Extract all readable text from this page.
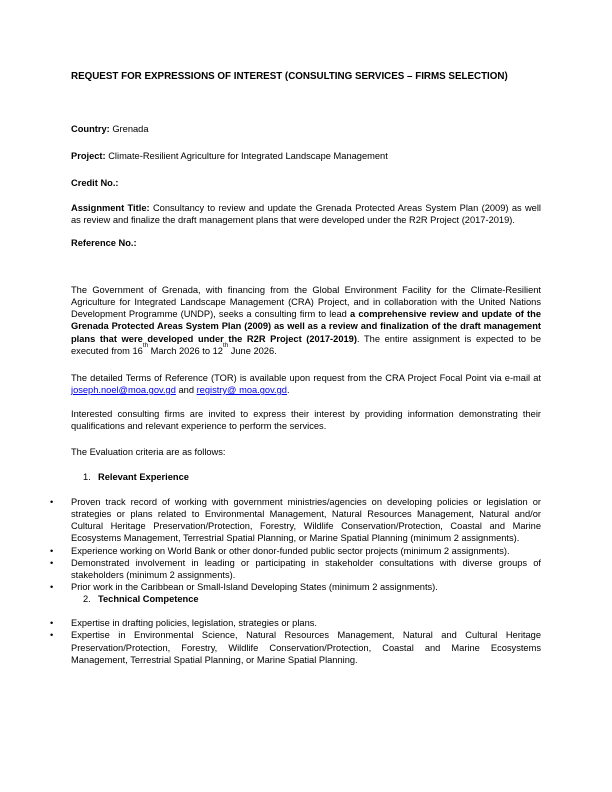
REQUEST FOR EXPRESSIONS OF INTEREST (CONSULTING SERVICES – FIRMS SELECTION)

Country: Grenada

Project: Climate-Resilient Agriculture for Integrated Landscape Management

Credit No.:

Assignment Title: Consultancy to review and update the Grenada Protected Areas System Plan (2009) as well as review and finalize the draft management plans that were developed under the R2R Project (2017-2019).

Reference No.:

The Government of Grenada, with financing from the Global Environment Facility for the Climate-Resilient Agriculture for Integrated Landscape Management (CRA) Project, and in collaboration with the United Nations Development Programme (UNDP), seeks a consulting firm to lead a comprehensive review and update of the Grenada Protected Areas System Plan (2009) as well as a review and finalization of the draft management plans that were developed under the R2R Project (2017-2019). The entire assignment is expected to be executed from 16th March 2026 to 12th June 2026.

The detailed Terms of Reference (TOR) is available upon request from the CRA Project Focal Point via e-mail at joseph.noel@moa.gov.gd and registry@ moa.gov.gd.

Interested consulting firms are invited to express their interest by providing information demonstrating their qualifications and relevant experience to perform the services.

The Evaluation criteria are as follows:

1. Relevant Experience

• Proven track record of working with government ministries/agencies on developing policies or legislation or strategies or plans related to Environmental Management, Natural Resources Management, Natural and/or Cultural Heritage Preservation/Protection, Forestry, Wildlife Conservation/Protection, Coastal and Marine Ecosystems Management, Terrestrial Spatial Planning, or Marine Spatial Planning (minimum 2 assignments).
• Experience working on World Bank or other donor-funded public sector projects (minimum 2 assignments).
• Demonstrated involvement in leading or participating in stakeholder consultations with diverse groups of stakeholders (minimum 2 assignments).
• Prior work in the Caribbean or Small-Island Developing States (minimum 2 assignments).

2. Technical Competence

• Expertise in drafting policies, legislation, strategies or plans.
• Expertise in Environmental Science, Natural Resources Management, Natural and Cultural Heritage Preservation/Protection, Forestry, Wildlife Conservation/Protection, Coastal and Marine Ecosystems Management, Terrestrial Spatial Planning, or Marine Spatial Planning.
